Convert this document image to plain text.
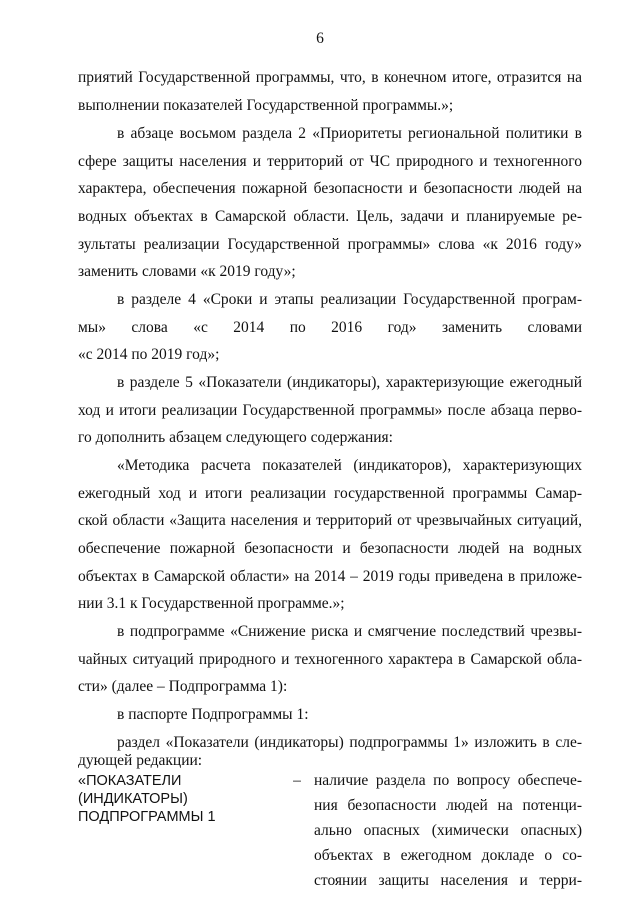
6
приятий Государственной программы, что, в конечном итоге, отразится на
выполнении показателей Государственной программы.»;
в абзаце восьмом раздела 2 «Приоритеты региональной политики в
сфере защиты населения и территорий от ЧС природного и техногенного
характера, обеспечения пожарной безопасности и безопасности людей на
водных объектах в Самарской области. Цель, задачи и планируемые ре-
зультаты реализации Государственной программы» слова «к 2016 году»
заменить словами «к 2019 году»;
в разделе 4 «Сроки и этапы реализации Государственной програм-
мы» слова «с 2014 по 2016 год» заменить словами
«с 2014 по 2019 год»;
в разделе 5 «Показатели (индикаторы), характеризующие ежегодный
ход и итоги реализации Государственной программы» после абзаца перво-
го дополнить абзацем следующего содержания:
«Методика расчета показателей (индикаторов), характеризующих
ежегодный ход и итоги реализации государственной программы Самар-
ской области «Защита населения и территорий от чрезвычайных ситуаций,
обеспечение пожарной безопасности и безопасности людей на водных
объектах в Самарской области» на 2014 – 2019 годы приведена в приложе-
нии 3.1 к Государственной программе.»;
в подпрограмме «Снижение риска и смягчение последствий чрезвы-
чайных ситуаций природного и техногенного характера в Самарской обла-
сти» (далее – Подпрограмма 1):
в паспорте Подпрограммы 1:
раздел «Показатели (индикаторы) подпрограммы 1» изложить в сле-
дующей редакции:
«ПОКАЗАТЕЛИ
(ИНДИКАТОРЫ)
ПОДПРОГРАММЫ 1
– наличие раздела по вопросу обеспече-
ния безопасности людей на потенци-
ально опасных (химически опасных)
объектах в ежегодном докладе о со-
стоянии защиты населения и терри-
